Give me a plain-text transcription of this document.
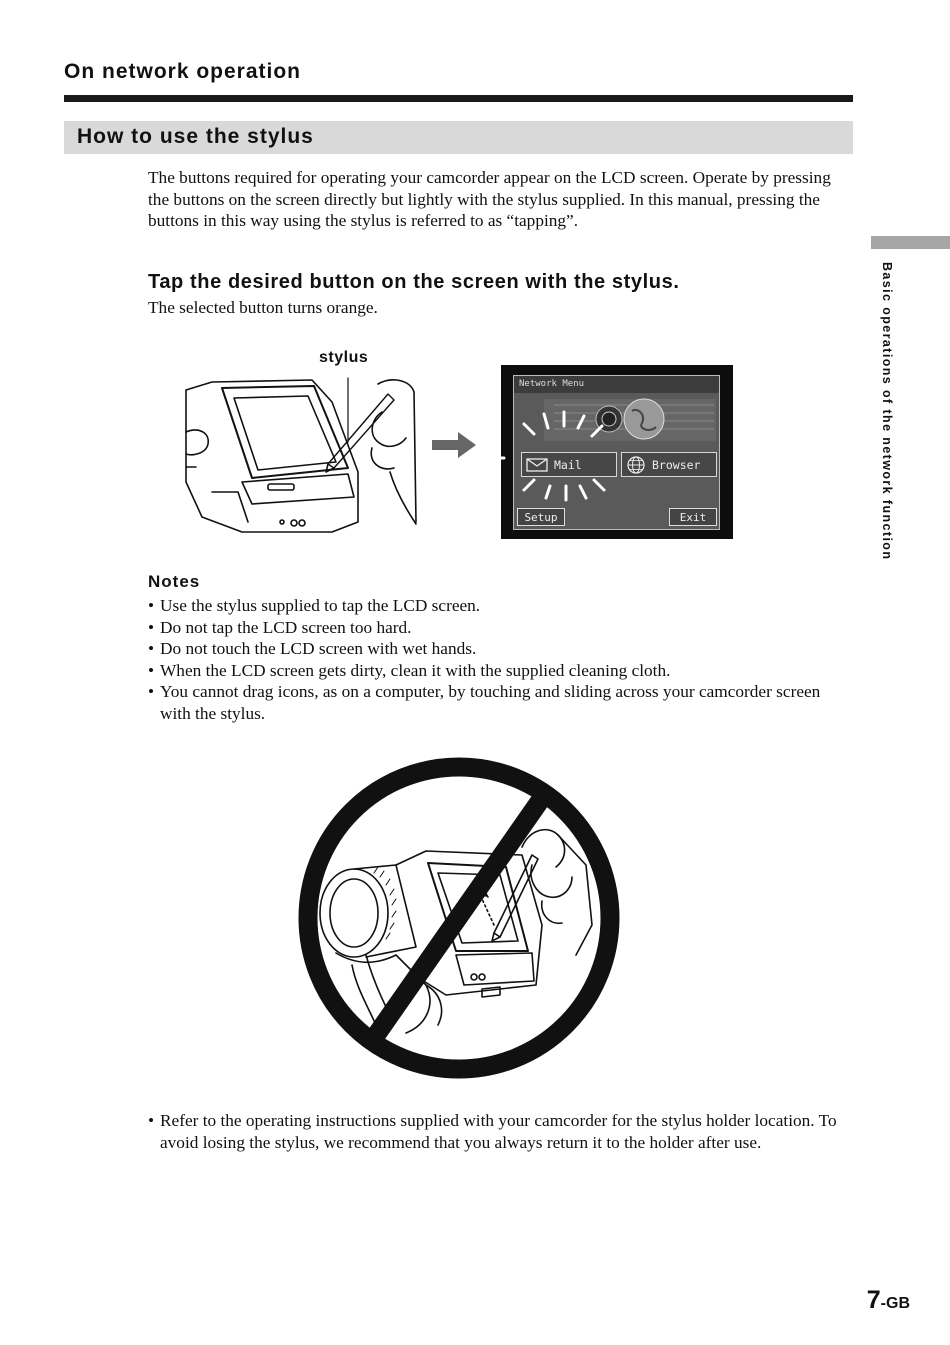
On network operation
How to use the stylus
The buttons required for operating your camcorder appear on the LCD screen. Operate by pressing the buttons on the screen directly but lightly with the stylus supplied. In this manual, pressing the buttons in this way using the stylus is referred to as “tapping”.
Tap the desired button on the screen with the stylus.
The selected button turns orange.	Basic operations of the network function
stylus
Network Menu
Mail	Browser
Setup	Exit
Notes
• Use the stylus supplied to tap the LCD screen.
• Do not tap the LCD screen too hard.
• Do not touch the LCD screen with wet hands.
• When the LCD screen gets dirty, clean it with the supplied cleaning cloth.
• You cannot drag icons, as on a computer, by touching and sliding across your camcorder screen with the stylus.
• Refer to the operating instructions supplied with your camcorder for the stylus holder location. To avoid losing the stylus, we recommend that you always return it to the holder after use.
7-GB
